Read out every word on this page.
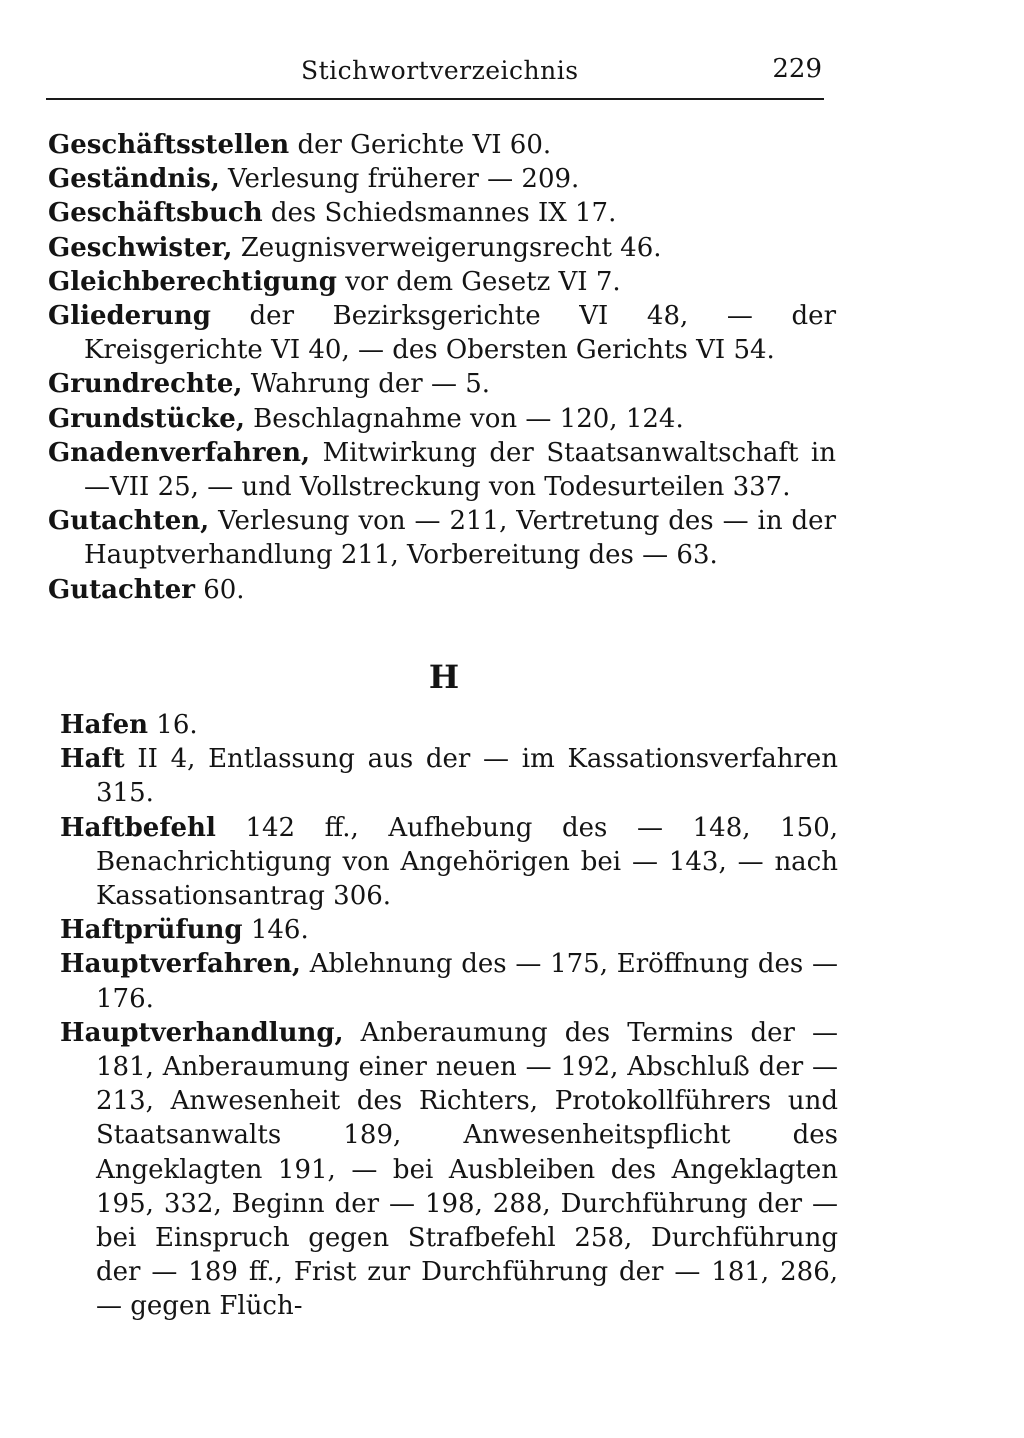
Stichwortverzeichnis	229
Geschäftsstellen der Gerichte VI 60.
Geständnis, Verlesung früherer — 209.
Geschäftsbuch des Schiedsmannes IX 17.
Geschwister, Zeugnisverweigerungsrecht 46.
Gleichberechtigung vor dem Gesetz VI 7.
Gliederung der Bezirksgerichte VI 48, — der Kreisgerichte VI 40, — des Obersten Gerichts VI 54.
Grundrechte, Wahrung der — 5.
Grundstücke, Beschlagnahme von — 120, 124.
Gnadenverfahren, Mitwirkung der Staatsanwaltschaft in —VII 25, — und Vollstreckung von Todesurteilen 337.
Gutachten, Verlesung von — 211, Vertretung des — in der Hauptverhandlung 211, Vorbereitung des — 63.
Gutachter 60.
H
Hafen 16.
Haft II 4, Entlassung aus der — im Kassationsverfahren 315.
Haftbefehl 142 ff., Aufhebung des — 148, 150, Benachrichtigung von Angehörigen bei — 143, — nach Kassationsantrag 306.
Haftprüfung 146.
Hauptverfahren, Ablehnung des — 175, Eröffnung des — 176.
Hauptverhandlung, Anberaumung des Termins der — 181, Anberaumung einer neuen — 192, Abschluß der — 213, Anwesenheit des Richters, Protokollführers und Staatsanwalts 189, Anwesenheitspflicht des Angeklagten 191, — bei Ausbleiben des Angeklagten 195, 332, Beginn der — 198, 288, Durchführung der — bei Einspruch gegen Strafbefehl 258, Durchführung der — 189 ff., Frist zur Durchführung der — 181, 286, — gegen Flüch-
